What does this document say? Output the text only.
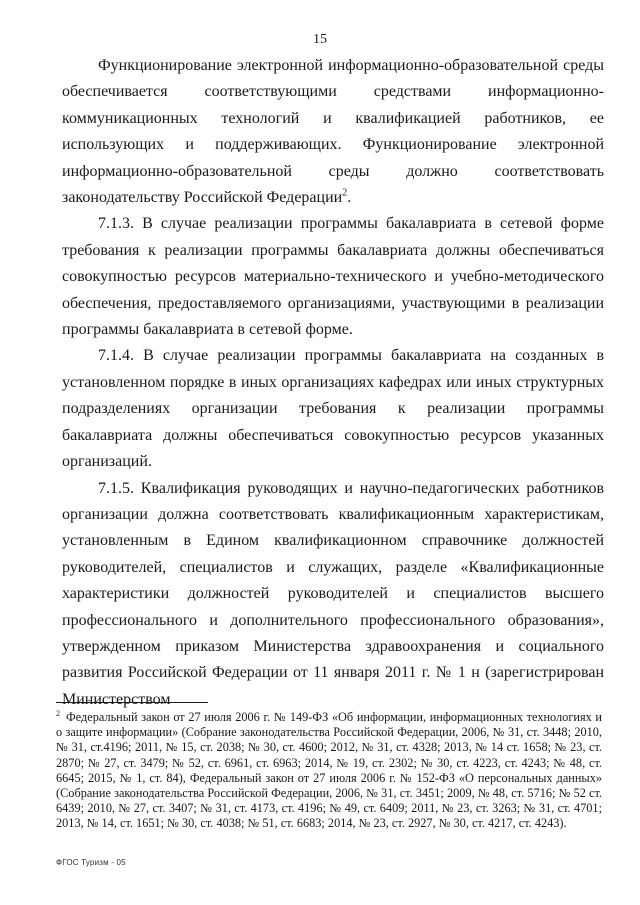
15

Функционирование электронной информационно-образовательной среды обеспечивается соответствующими средствами информационно-коммуникационных технологий и квалификацией работников, ее использующих и поддерживающих. Функционирование электронной информационно-образовательной среды должно соответствовать законодательству Российской Федерации$^2$.

7.1.3. В случае реализации программы бакалавриата в сетевой форме требования к реализации программы бакалавриата должны обеспечиваться совокупностью ресурсов материально-технического и учебно-методического обеспечения, предоставляемого организациями, участвующими в реализации программы бакалавриата в сетевой форме.

7.1.4. В случае реализации программы бакалавриата на созданных в установленном порядке в иных организациях кафедрах или иных структурных подразделениях организации требования к реализации программы бакалавриата должны обеспечиваться совокупностью ресурсов указанных организаций.

7.1.5. Квалификация руководящих и научно-педагогических работников организации должна соответствовать квалификационным характеристикам, установленным в Едином квалификационном справочнике должностей руководителей, специалистов и служащих, разделе «Квалификационные характеристики должностей руководителей и специалистов высшего профессионального и дополнительного профессионального образования», утвержденном приказом Министерства здравоохранения и социального развития Российской Федерации от 11 января 2011 г. № 1 н (зарегистрирован Министерством

$^2$ Федеральный закон от 27 июля 2006 г. № 149-ФЗ «Об информации, информационных технологиях и о защите информации» (Собрание законодательства Российской Федерации, 2006, № 31, ст. 3448; 2010, № 31, ст.4196; 2011, № 15, ст. 2038; № 30, ст. 4600; 2012, № 31, ст. 4328; 2013, № 14 ст. 1658; № 23, ст. 2870; № 27, ст. 3479; № 52, ст. 6961, ст. 6963; 2014, № 19, ст. 2302; № 30, ст. 4223, ст. 4243; № 48, ст. 6645; 2015, № 1, ст. 84), Федеральный закон от 27 июля 2006 г. № 152-ФЗ «О персональных данных» (Собрание законодательства Российской Федерации, 2006, № 31, ст. 3451; 2009, № 48, ст. 5716; № 52 ст. 6439; 2010, № 27, ст. 3407; № 31, ст. 4173, ст. 4196; № 49, ст. 6409; 2011, № 23, ст. 3263; № 31, ст. 4701; 2013, № 14, ст. 1651; № 30, ст. 4038; № 51, ст. 6683; 2014, № 23, ст. 2927, № 30, ст. 4217, ст. 4243).
ФГОС Туризм - 05
